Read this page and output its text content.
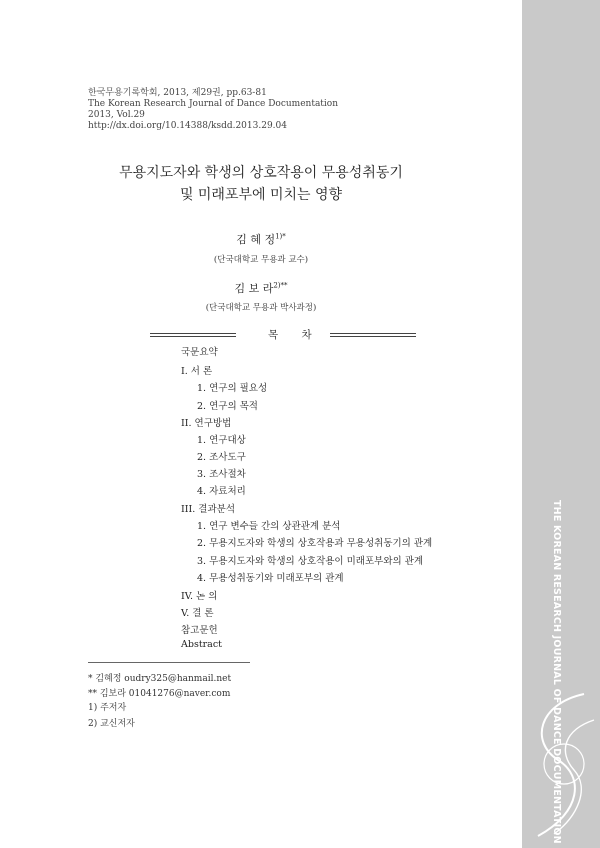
THE KOREAN RESEARCH JOURNAL OF DANCE DOCUMENTATION
한국무용기록학회, 2013, 제29권, pp.63-81
The Korean Research Journal of Dance Documentation
2013, Vol.29
http://dx.doi.org/10.14388/ksdd.2013.29.04
무용지도자와 학생의 상호작용이 무용성취동기
및 미래포부에 미치는 영향
김 혜 정$^{1)*}$
(단국대학교 무용과 교수)
김 보 라$^{2)**}$
(단국대학교 무용과 박사과정)
목 차
국문요약
I. 서 론
1. 연구의 필요성
2. 연구의 목적
II. 연구방법
1. 연구대상
2. 조사도구
3. 조사절차
4. 자료처리
III. 결과분석
1. 연구 변수들 간의 상관관계 분석
2. 무용지도자와 학생의 상호작용과 무용성취동기의 관계
3. 무용지도자와 학생의 상호작용이 미래포부와의 관계
4. 무용성취동기와 미래포부의 관계
IV. 논 의
V. 결 론
참고문헌
Abstract
* 김혜정 oudry325@hanmail.net
** 김보라 01041276@naver.com
1) 주저자
2) 교신저자
